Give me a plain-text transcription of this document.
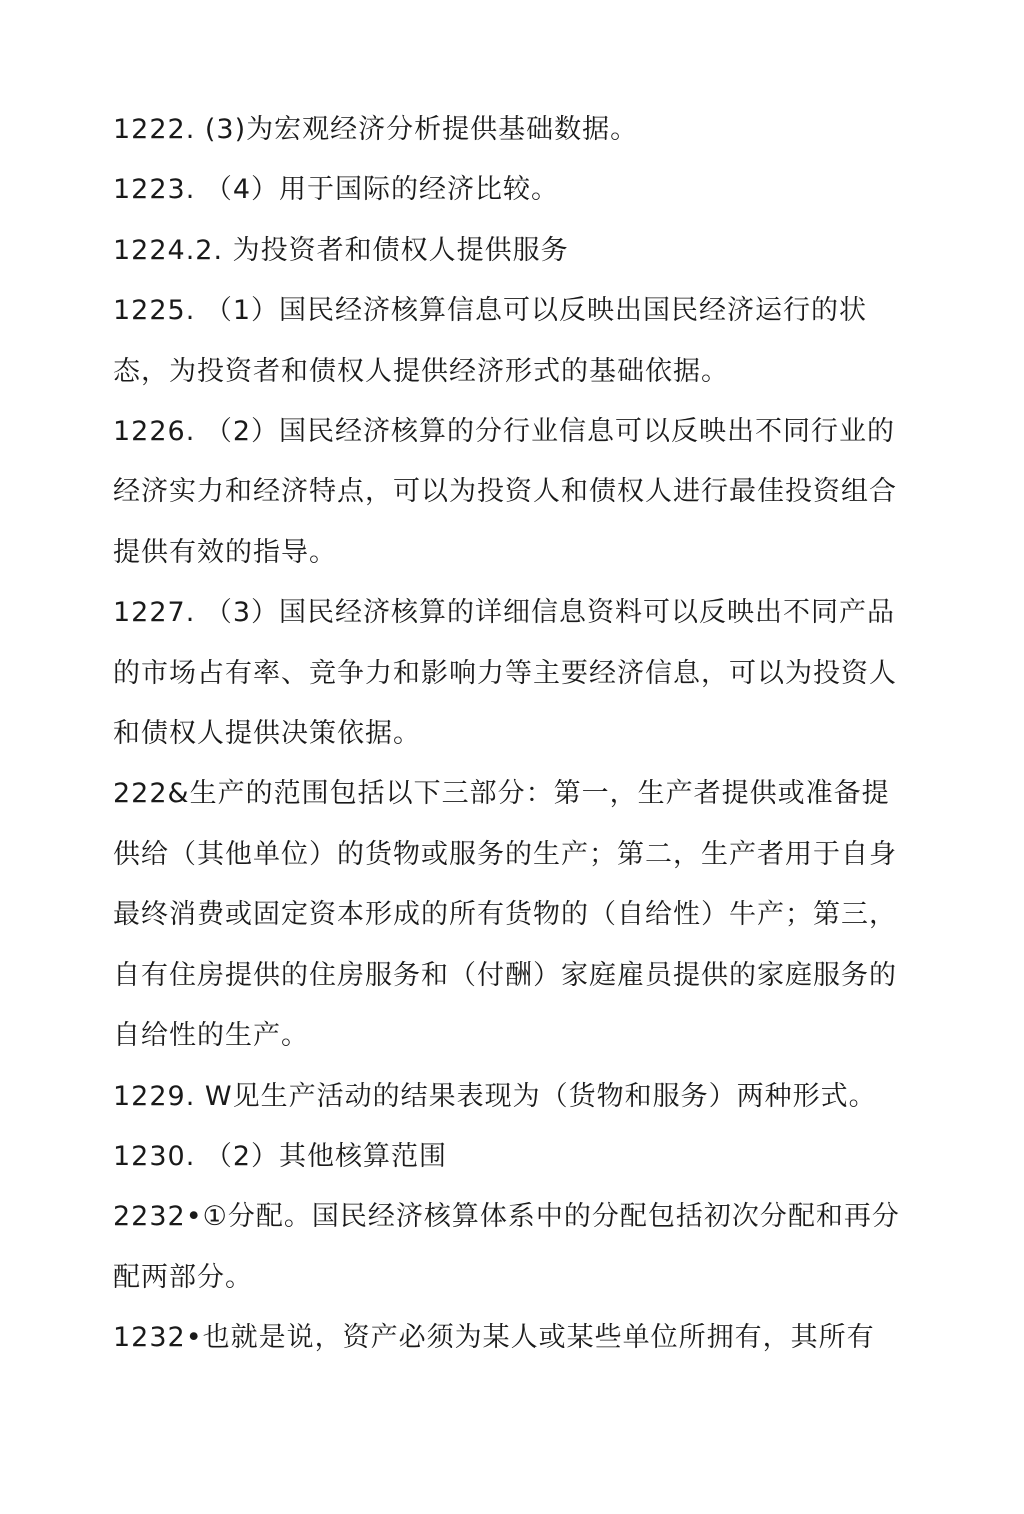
1222. (3)为宏观经济分析提供基础数据。

1223. （4）用于国际的经济比较。

1224.2. 为投资者和债权人提供服务

1225. （1）国民经济核算信息可以反映出国民经济运行的状态，为投资者和债权人提供经济形式的基础依据。

1226. （2）国民经济核算的分行业信息可以反映出不同行业的经济实力和经济特点，可以为投资人和债权人进行最佳投资组合提供有效的指导。

1227. （3）国民经济核算的详细信息资料可以反映出不同产品的市场占有率、竞争力和影响力等主要经济信息，可以为投资人和债权人提供决策依据。

222&生产的范围包括以下三部分：第一，生产者提供或准备提供给（其他单位）的货物或服务的生产；第二，生产者用于自身最终消费或固定资本形成的所有货物的（自给性）牛产；第三，自有住房提供的住房服务和（付酬）家庭雇员提供的家庭服务的自给性的生产。

1229. W见生产活动的结果表现为（货物和服务）两种形式。

1230. （2）其他核算范围

2232•①分配。国民经济核算体系中的分配包括初次分配和再分配两部分。

1232•也就是说，资产必须为某人或某些单位所拥有，其所有
